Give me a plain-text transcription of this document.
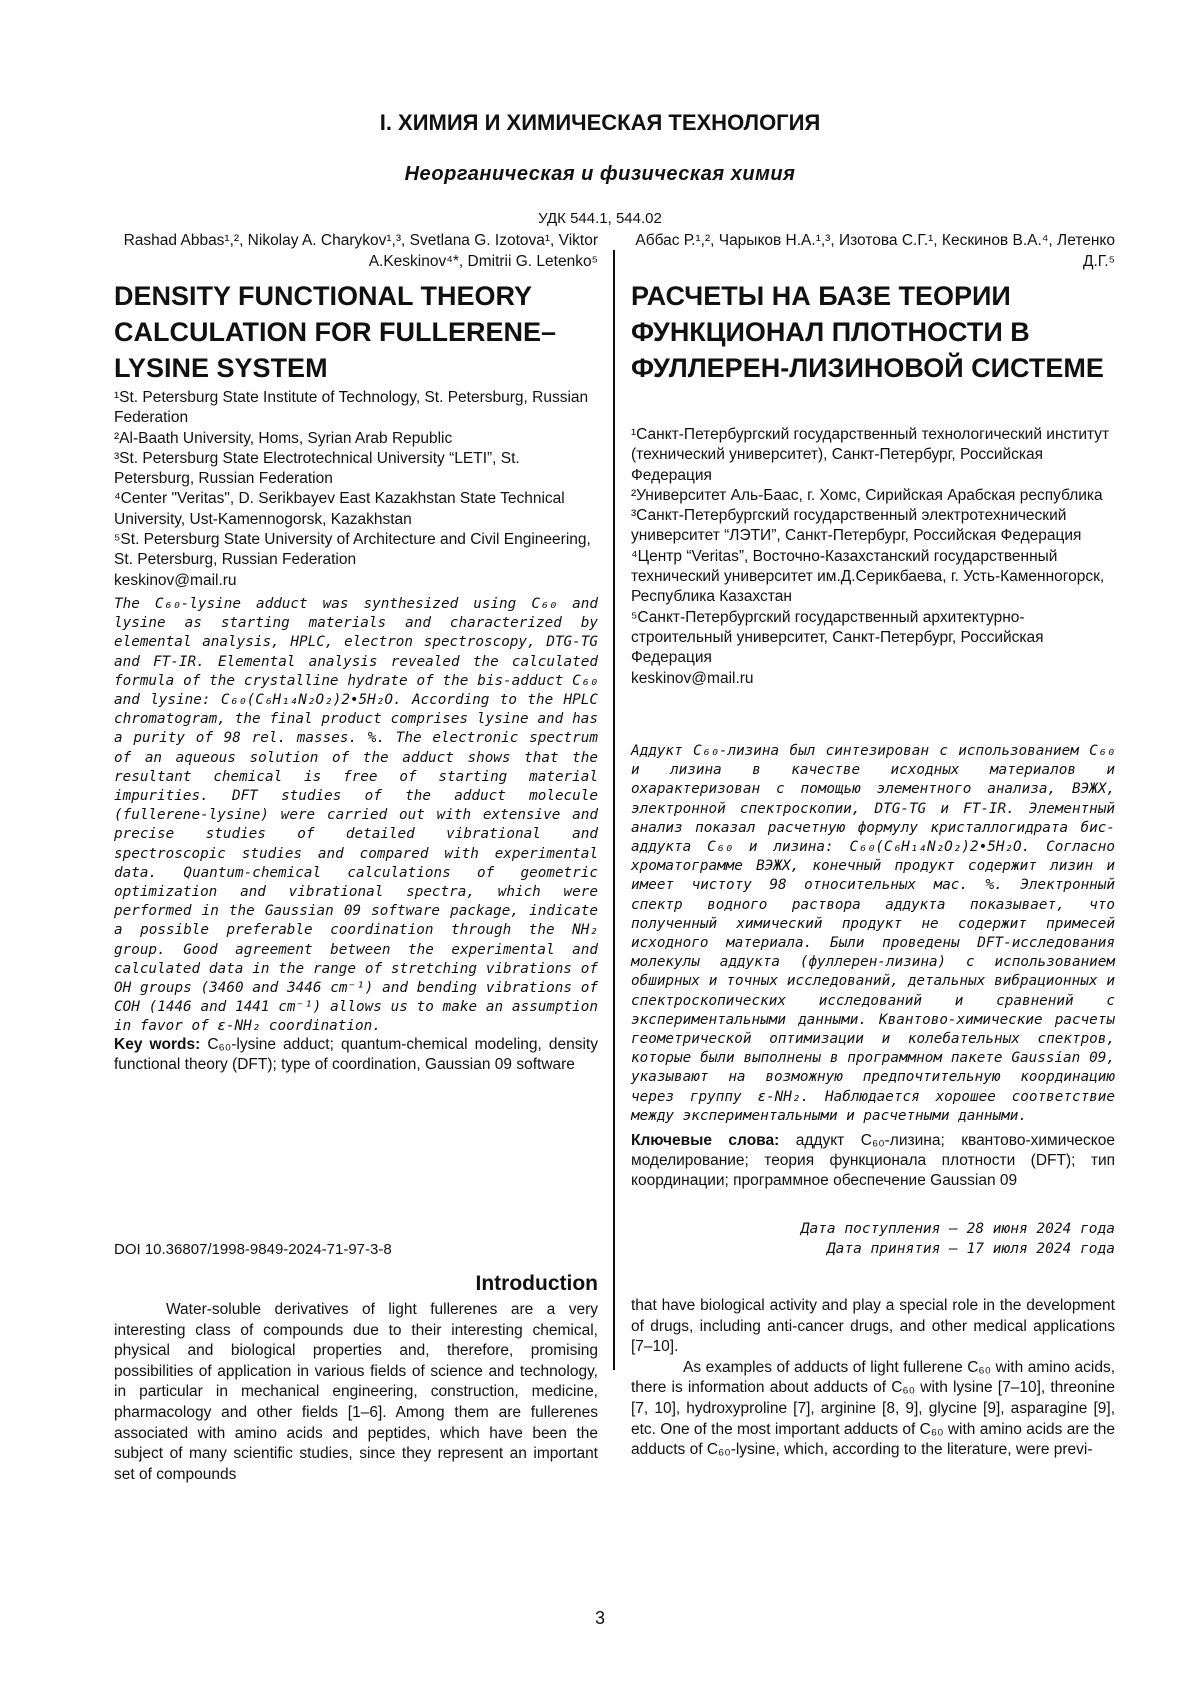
I. ХИМИЯ И ХИМИЧЕСКАЯ ТЕХНОЛОГИЯ
Неорганическая и физическая химия
УДК 544.1, 544.02
Rashad Abbas¹,², Nikolay A. Charykov¹,³, Svetlana G. Izotova¹, Viktor A.Keskinov⁴*, Dmitrii G. Letenko⁵
DENSITY FUNCTIONAL THEORY CALCULATION FOR FULLERENE–LYSINE SYSTEM
¹St. Petersburg State Institute of Technology, St. Petersburg, Russian Federation
²Al-Baath University, Homs, Syrian Arab Republic
³St. Petersburg State Electrotechnical University “LETI”, St. Petersburg, Russian Federation
⁴Center "Veritas", D. Serikbayev East Kazakhstan State Technical University, Ust-Kamennogorsk, Kazakhstan
⁵St. Petersburg State University of Architecture and Civil Engineering, St. Petersburg, Russian Federation
keskinov@mail.ru
The C₆₀-lysine adduct was synthesized using C₆₀ and lysine as starting materials and characterized by elemental analysis, HPLC, electron spectroscopy, DTG-TG and FT-IR. Elemental analysis revealed the calculated formula of the crystalline hydrate of the bis-adduct C₆₀ and lysine: C₆₀(C₆H₁₄N₂O₂)2•5H₂O. According to the HPLC chromatogram, the final product comprises lysine and has a purity of 98 rel. masses. %. The electronic spectrum of an aqueous solution of the adduct shows that the resultant chemical is free of starting material impurities. DFT studies of the adduct molecule (fullerene-lysine) were carried out with extensive and precise studies of detailed vibrational and spectroscopic studies and compared with experimental data. Quantum-chemical calculations of geometric optimization and vibrational spectra, which were performed in the Gaussian 09 software package, indicate a possible preferable coordination through the NH₂ group. Good agreement between the experimental and calculated data in the range of stretching vibrations of OH groups (3460 and 3446 cm⁻¹) and bending vibrations of COH (1446 and 1441 cm⁻¹) allows us to make an assumption in favor of ε-NH₂ coordination.
Key words: C₆₀-lysine adduct; quantum-chemical modeling, density functional theory (DFT); type of coordination, Gaussian 09 software
DOI 10.36807/1998-9849-2024-71-97-3-8
Аббас Р.¹,², Чарыков Н.А.¹,³, Изотова С.Г.¹, Кескинов В.А.⁴, Летенко Д.Г.⁵
РАСЧЕТЫ НА БАЗЕ ТЕОРИИ ФУНКЦИОНАЛ ПЛОТНОСТИ В ФУЛЛЕРЕН-ЛИЗИНОВОЙ СИСТЕМЕ
¹Санкт-Петербургский государственный технологический институт (технический университет), Санкт-Петербург, Российская Федерация
²Университет Аль-Баас, г. Хомс, Сирийская Арабская республика
³Санкт-Петербургский государственный электротехнический университет “ЛЭТИ”, Санкт-Петербург, Российская Федерация
⁴Центр “Veritas”, Восточно-Казахстанский государственный технический университет им.Д.Серикбаева, г. Усть-Каменногорск, Республика Казахстан
⁵Санкт-Петербургский государственный архитектурно-строительный университет, Санкт-Петербург, Российская Федерация
keskinov@mail.ru
Аддукт C₆₀-лизина был синтезирован с использованием C₆₀ и лизина в качестве исходных материалов и охарактеризован с помощью элементного анализа, ВЭЖХ, электронной спектроскопии, DTG-TG и FT-IR. Элементный анализ показал расчетную формулу кристаллогидрата бис-аддукта C₆₀ и лизина: C₆₀(C₆H₁₄N₂O₂)2•5H₂O. Согласно хроматограмме ВЭЖХ, конечный продукт содержит лизин и имеет чистоту 98 относительных мас. %. Электронный спектр водного раствора аддукта показывает, что полученный химический продукт не содержит примесей исходного материала. Были проведены DFT-исследования молекулы аддукта (фуллерен-лизина) с использованием обширных и точных исследований, детальных вибрационных и спектроскопических исследований и сравнений с экспериментальными данными. Квантово-химические расчеты геометрической оптимизации и колебательных спектров, которые были выполнены в программном пакете Gaussian 09, указывают на возможную предпочтительную координацию через группу ε-NH₂. Наблюдается хорошее соответствие между экспериментальными и расчетными данными.
Ключевые слова: аддукт C₆₀-лизина; квантово-химическое моделирование; теория функционала плотности (DFT); тип координации; программное обеспечение Gaussian 09
Дата поступления – 28 июня 2024 года
Дата принятия – 17 июля 2024 года
Introduction

Water-soluble derivatives of light fullerenes are a very interesting class of compounds due to their interesting chemical, physical and biological properties and, therefore, promising possibilities of application in various fields of science and technology, in particular in mechanical engineering, construction, medicine, pharmacology and other fields [1–6]. Among them are fullerenes associated with amino acids and peptides, which have been the subject of many scientific studies, since they represent an important set of compounds

that have biological activity and play a special role in the development of drugs, including anti-cancer drugs, and other medical applications [7–10].

As examples of adducts of light fullerene C₆₀ with amino acids, there is information about adducts of C₆₀ with lysine [7–10], threonine [7, 10], hydroxyproline [7], arginine [8, 9], glycine [9], asparagine [9], etc. One of the most important adducts of C₆₀ with amino acids are the adducts of C₆₀-lysine, which, according to the literature, were previ-

3
